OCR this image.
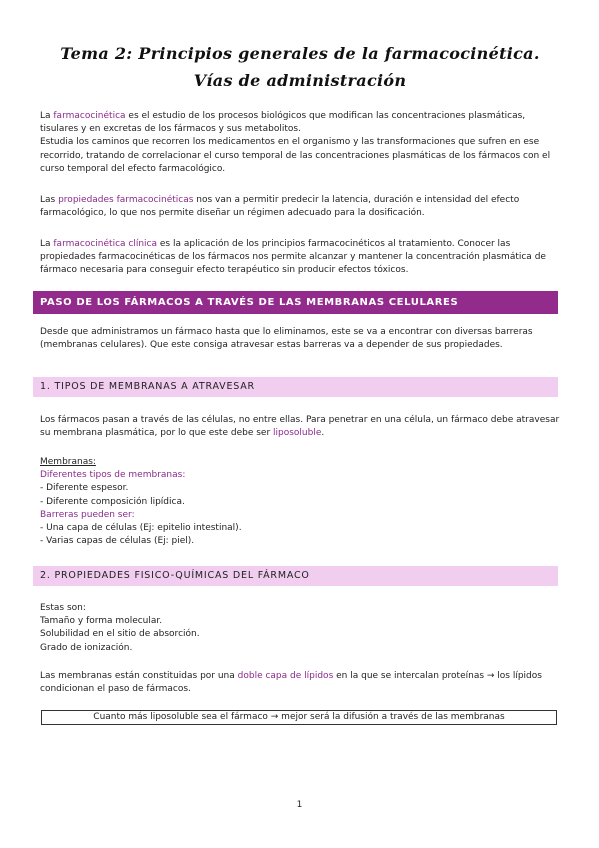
Tema 2: Principios generales de la farmacocinética. Vías de administración

La farmacocinética es el estudio de los procesos biológicos que modifican las concentraciones plasmáticas, tisulares y en excretas de los fármacos y sus metabolitos.

Estudia los caminos que recorren los medicamentos en el organismo y las transformaciones que sufren en ese recorrido, tratando de correlacionar el curso temporal de las concentraciones plasmáticas de los fármacos con el curso temporal del efecto farmacológico.

Las propiedades farmacocinéticas nos van a permitir predecir la latencia, duración e intensidad del efecto farmacológico, lo que nos permite diseñar un régimen adecuado para la dosificación.

La farmacocinética clínica es la aplicación de los principios farmacocinéticos al tratamiento. Conocer las propiedades farmacocinéticas de los fármacos nos permite alcanzar y mantener la concentración plasmática de fármaco necesaria para conseguir efecto terapéutico sin producir efectos tóxicos.

PASO DE LOS FÁRMACOS A TRAVÉS DE LAS MEMBRANAS CELULARES
Desde que administramos un fármaco hasta que lo eliminamos, este se va a encontrar con diversas barreras (membranas celulares). Que este consiga atravesar estas barreras va a depender de sus propiedades.
1. TIPOS DE MEMBRANAS A ATRAVESAR

Los fármacos pasan a través de las células, no entre ellas. Para penetrar en una célula, un fármaco debe atravesar su membrana plasmática, por lo que este debe ser liposoluble.

Membranas:
Diferentes tipos de membranas:
- Diferente espesor.
- Diferente composición lipídica.
Barreras pueden ser:
- Una capa de células (Ej: epitelio intestinal).
- Varias capas de células (Ej: piel).
2. PROPIEDADES FISICO-QUÍMICAS DEL FÁRMACO
Estas son:
Tamaño y forma molecular.
Solubilidad en el sitio de absorción.
Grado de ionización.

Las membranas están constituidas por una doble capa de lípidos en la que se intercalan proteínas → los lípidos condicionan el paso de fármacos.

Cuanto más liposoluble sea el fármaco → mejor será la difusión a través de las membranas
1
